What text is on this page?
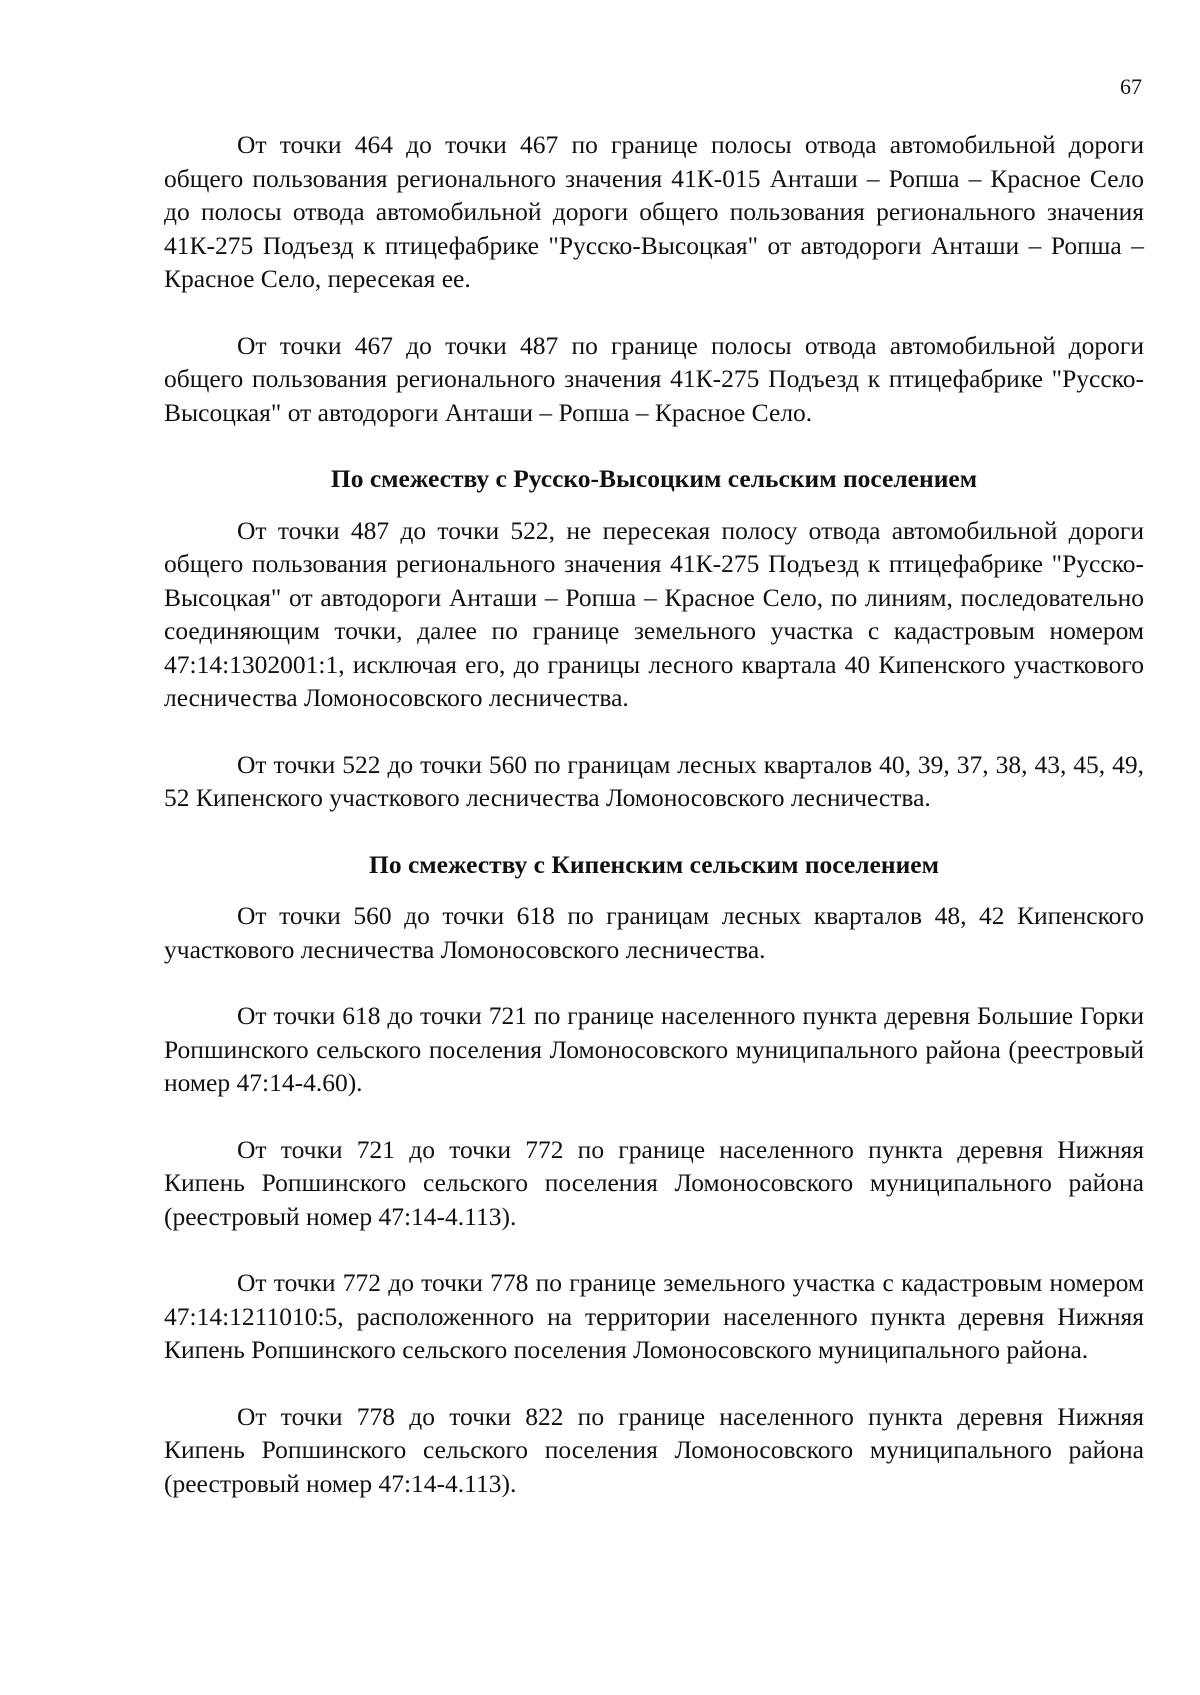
67

От точки 464 до точки 467 по границе полосы отвода автомобильной дороги общего пользования регионального значения 41К-015 Анташи – Ропша – Красное Село до полосы отвода автомобильной дороги общего пользования регионального значения 41К-275 Подъезд к птицефабрике "Русско-Высоцкая" от автодороги Анташи – Ропша – Красное Село, пересекая ее.

От точки 467 до точки 487 по границе полосы отвода автомобильной дороги общего пользования регионального значения 41К-275 Подъезд к птицефабрике "Русско-Высоцкая" от автодороги Анташи – Ропша – Красное Село.

По смежеству с Русско-Высоцким сельским поселением

От точки 487 до точки 522, не пересекая полосу отвода автомобильной дороги общего пользования регионального значения 41К-275 Подъезд к птицефабрике "Русско-Высоцкая" от автодороги Анташи – Ропша – Красное Село, по линиям, последовательно соединяющим точки, далее по границе земельного участка с кадастровым номером 47:14:1302001:1, исключая его, до границы лесного квартала 40 Кипенского участкового лесничества Ломоносовского лесничества.

От точки 522 до точки 560 по границам лесных кварталов 40, 39, 37, 38, 43, 45, 49, 52 Кипенского участкового лесничества Ломоносовского лесничества.

По смежеству с Кипенским сельским поселением

От точки 560 до точки 618 по границам лесных кварталов 48, 42 Кипенского участкового лесничества Ломоносовского лесничества.

От точки 618 до точки 721 по границе населенного пункта деревня Большие Горки Ропшинского сельского поселения Ломоносовского муниципального района (реестровый номер 47:14-4.60).

От точки 721 до точки 772 по границе населенного пункта деревня Нижняя Кипень Ропшинского сельского поселения Ломоносовского муниципального района (реестровый номер 47:14-4.113).

От точки 772 до точки 778 по границе земельного участка с кадастровым номером 47:14:1211010:5, расположенного на территории населенного пункта деревня Нижняя Кипень Ропшинского сельского поселения Ломоносовского муниципального района.

От точки 778 до точки 822 по границе населенного пункта деревня Нижняя Кипень Ропшинского сельского поселения Ломоносовского муниципального района (реестровый номер 47:14-4.113).
